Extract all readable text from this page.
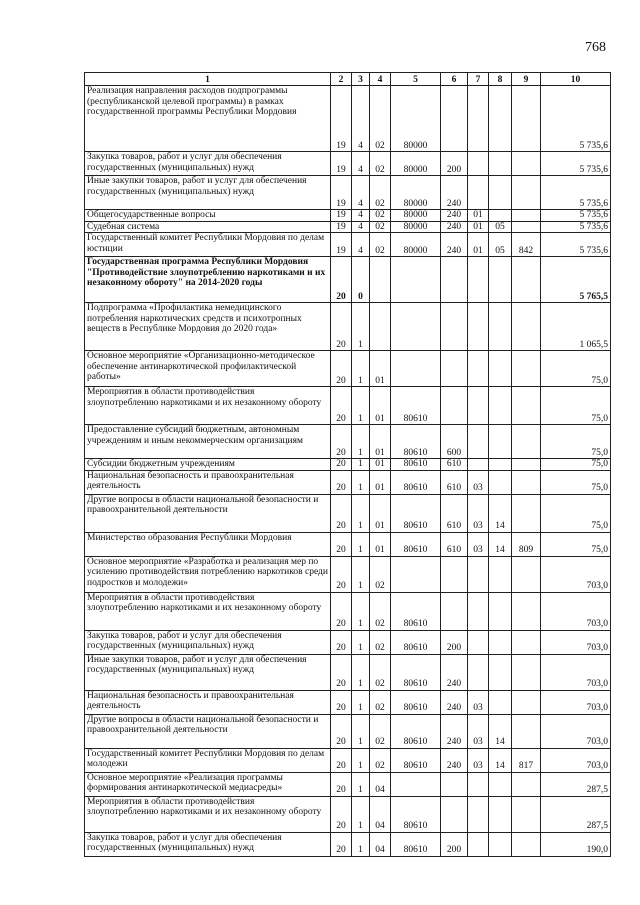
768
1	2	3	4	5	6	7	8	9	10
Реализация направления расходов подпрограммы (республиканской целевой программы) в рамках государственной программы Республики Мордовия	19	4	02	80000					5 735,6
Закупка товаров, работ и услуг для обеспечения государственных (муниципальных) нужд	19	4	02	80000	200				5 735,6
Иные закупки товаров, работ и услуг для обеспечения государственных (муниципальных) нужд	19	4	02	80000	240				5 735,6
Общегосударственные вопросы	19	4	02	80000	240	01			5 735,6
Судебная система	19	4	02	80000	240	01	05		5 735,6
Государственный комитет Республики Мордовия по делам юстиции	19	4	02	80000	240	01	05	842	5 735,6
Государственная программа Республики Мордовия "Противодействие злоупотреблению наркотиками и их незаконному обороту" на 2014-2020 годы	20	0							5 765,5
Подпрограмма «Профилактика немедицинского потребления наркотических средств и психотропных веществ в Республике Мордовия до 2020 года»	20	1							1 065,5
Основное мероприятие «Организационно-методическое обеспечение антинаркотической профилактической работы»	20	1	01						75,0
Мероприятия в области противодействия злоупотреблению наркотиками и их незаконному обороту	20	1	01	80610					75,0
Предоставление субсидий бюджетным, автономным учреждениям и иным некоммерческим организациям	20	1	01	80610	600				75,0
Субсидии бюджетным учреждениям	20	1	01	80610	610				75,0
Национальная безопасность и правоохранительная деятельность	20	1	01	80610	610	03			75,0
Другие вопросы в области национальной безопасности и правоохранительной деятельности	20	1	01	80610	610	03	14		75,0
Министерство образования Республики Мордовия	20	1	01	80610	610	03	14	809	75,0
Основное мероприятие «Разработка и реализация мер по усилению противодействия потреблению наркотиков среди подростков и молодежи»	20	1	02						703,0
Мероприятия в области противодействия злоупотреблению наркотиками и их незаконному обороту	20	1	02	80610					703,0
Закупка товаров, работ и услуг для обеспечения государственных (муниципальных) нужд	20	1	02	80610	200				703,0
Иные закупки товаров, работ и услуг для обеспечения государственных (муниципальных) нужд	20	1	02	80610	240				703,0
Национальная безопасность и правоохранительная деятельность	20	1	02	80610	240	03			703,0
Другие вопросы в области национальной безопасности и правоохранительной деятельности	20	1	02	80610	240	03	14		703,0
Государственный комитет Республики Мордовия по делам молодежи	20	1	02	80610	240	03	14	817	703,0
Основное мероприятие «Реализация программы формирования антинаркотической медиасреды»	20	1	04						287,5
Мероприятия в области противодействия злоупотреблению наркотиками и их незаконному обороту	20	1	04	80610					287,5
Закупка товаров, работ и услуг для обеспечения государственных (муниципальных) нужд	20	1	04	80610	200				190,0
